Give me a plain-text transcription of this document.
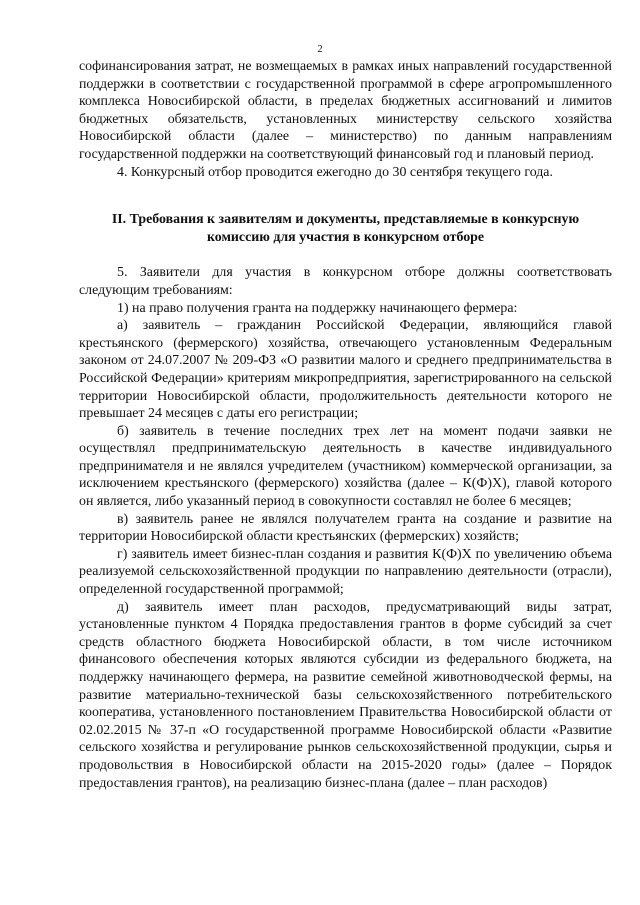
2

софинансирования затрат, не возмещаемых в рамках иных направлений государственной поддержки в соответствии с государственной программой в сфере агропромышленного комплекса Новосибирской области, в пределах бюджетных ассигнований и лимитов бюджетных обязательств, установленных министерству сельского хозяйства Новосибирской области (далее – министерство) по данным направлениям государственной поддержки на соответствующий финансовый год и плановый период.

4. Конкурсный отбор проводится ежегодно до 30 сентября текущего года.

II. Требования к заявителям и документы, представляемые в конкурсную комиссию для участия в конкурсном отборе

5. Заявители для участия в конкурсном отборе должны соответствовать следующим требованиям:

1) на право получения гранта на поддержку начинающего фермера:

а) заявитель – гражданин Российской Федерации, являющийся главой крестьянского (фермерского) хозяйства, отвечающего установленным Федеральным законом от 24.07.2007 № 209-ФЗ «О развитии малого и среднего предпринимательства в Российской Федерации» критериям микропредприятия, зарегистрированного на сельской территории Новосибирской области, продолжительность деятельности которого не превышает 24 месяцев с даты его регистрации;

б) заявитель в течение последних трех лет на момент подачи заявки не осуществлял предпринимательскую деятельность в качестве индивидуального предпринимателя и не являлся учредителем (участником) коммерческой организации, за исключением крестьянского (фермерского) хозяйства (далее – К(Ф)Х), главой которого он является, либо указанный период в совокупности составлял не более 6 месяцев;

в) заявитель ранее не являлся получателем гранта на создание и развитие на территории Новосибирской области крестьянских (фермерских) хозяйств;

г) заявитель имеет бизнес-план создания и развития К(Ф)Х по увеличению объема реализуемой сельскохозяйственной продукции по направлению деятельности (отрасли), определенной государственной программой;

д) заявитель имеет план расходов, предусматривающий виды затрат, установленные пунктом 4 Порядка предоставления грантов в форме субсидий за счет средств областного бюджета Новосибирской области, в том числе источником финансового обеспечения которых являются субсидии из федерального бюджета, на поддержку начинающего фермера, на развитие семейной животноводческой фермы, на развитие материально-технической базы сельскохозяйственного потребительского кооператива, установленного постановлением Правительства Новосибирской области от 02.02.2015 № 37-п «О государственной программе Новосибирской области «Развитие сельского хозяйства и регулирование рынков сельскохозяйственной продукции, сырья и продовольствия в Новосибирской области на 2015-2020 годы» (далее – Порядок предоставления грантов), на реализацию бизнес-плана (далее – план расходов)
